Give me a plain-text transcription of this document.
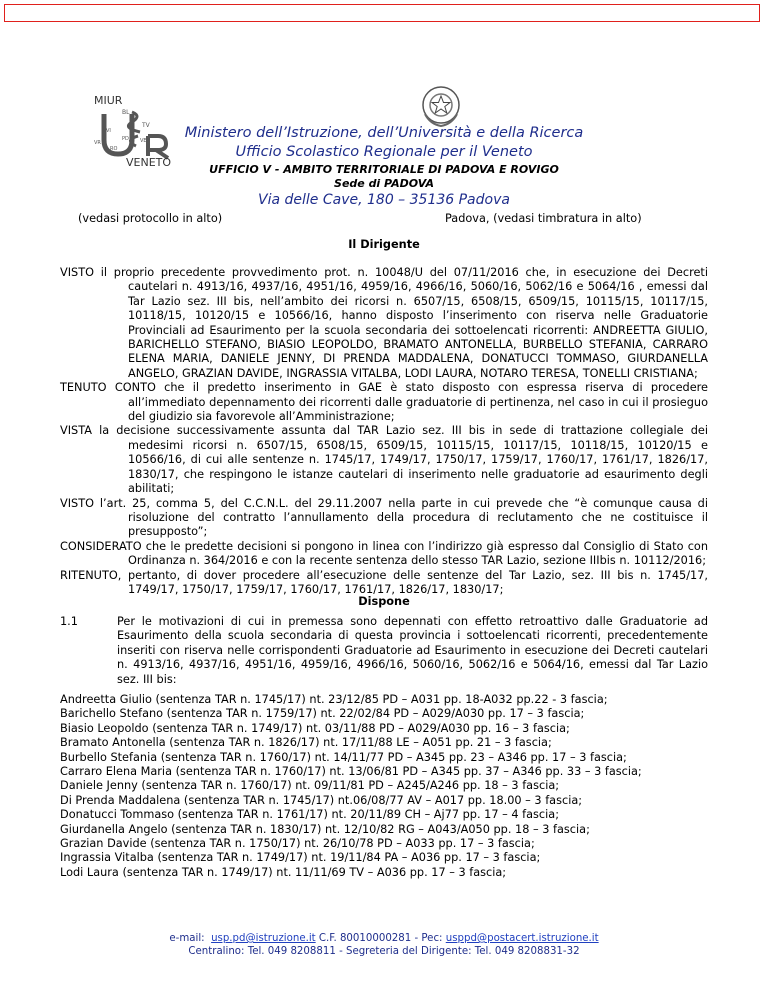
MIUR
BL
TV
VI
PD VE
VR
RO
VENETO
Ministero dell’Istruzione, dell’Università e della Ricerca
Ufficio Scolastico Regionale per il Veneto
UFFICIO V - AMBITO TERRITORIALE DI PADOVA E ROVIGO
Sede di PADOVA
Via delle Cave, 180 – 35136 Padova
(vedasi protocollo in alto)	Padova, (vedasi timbratura in alto)
Il Dirigente
VISTO il proprio precedente provvedimento prot. n. 10048/U del 07/11/2016 che, in esecuzione dei Decreti cautelari n. 4913/16, 4937/16, 4951/16, 4959/16, 4966/16, 5060/16, 5062/16 e 5064/16 , emessi dal Tar Lazio sez. III bis, nell’ambito dei ricorsi n. 6507/15, 6508/15, 6509/15, 10115/15, 10117/15, 10118/15, 10120/15 e 10566/16, hanno disposto l’inserimento con riserva nelle Graduatorie Provinciali ad Esaurimento per la scuola secondaria dei sottoelencati ricorrenti: ANDREETTA GIULIO, BARICHELLO STEFANO, BIASIO LEOPOLDO, BRAMATO ANTONELLA, BURBELLO STEFANIA, CARRARO ELENA MARIA, DANIELE JENNY, DI PRENDA MADDALENA, DONATUCCI TOMMASO, GIURDANELLA ANGELO, GRAZIAN DAVIDE, INGRASSIA VITALBA, LODI LAURA, NOTARO TERESA, TONELLI CRISTIANA;
TENUTO CONTO che il predetto inserimento in GAE è stato disposto con espressa riserva di procedere all’immediato depennamento dei ricorrenti dalle graduatorie di pertinenza, nel caso in cui il prosieguo del giudizio sia favorevole all’Amministrazione;
VISTA la decisione successivamente assunta dal TAR Lazio sez. III bis in sede di trattazione collegiale dei medesimi ricorsi n. 6507/15, 6508/15, 6509/15, 10115/15, 10117/15, 10118/15, 10120/15 e 10566/16, di cui alle sentenze n. 1745/17, 1749/17, 1750/17, 1759/17, 1760/17, 1761/17, 1826/17, 1830/17, che respingono le istanze cautelari di inserimento nelle graduatorie ad esaurimento degli abilitati;
VISTO l’art. 25, comma 5, del C.C.N.L. del 29.11.2007 nella parte in cui prevede che “è comunque causa di risoluzione del contratto l’annullamento della procedura di reclutamento che ne costituisce il presupposto”;
CONSIDERATO che le predette decisioni si pongono in linea con l’indirizzo già espresso dal Consiglio di Stato con Ordinanza n. 364/2016 e con la recente sentenza dello stesso TAR Lazio, sezione IIIbis n. 10112/2016;
RITENUTO, pertanto, di dover procedere all’esecuzione delle sentenze del Tar Lazio, sez. III bis n. 1745/17, 1749/17, 1750/17, 1759/17, 1760/17, 1761/17, 1826/17, 1830/17;
Dispone
1.1	Per le motivazioni di cui in premessa sono depennati con effetto retroattivo dalle Graduatorie ad Esaurimento della scuola secondaria di questa provincia i sottoelencati ricorrenti, precedentemente inseriti con riserva nelle corrispondenti Graduatorie ad Esaurimento in esecuzione dei Decreti cautelari n. 4913/16, 4937/16, 4951/16, 4959/16, 4966/16, 5060/16, 5062/16 e 5064/16, emessi dal Tar Lazio sez. III bis:
Andreetta Giulio (sentenza TAR n. 1745/17) nt. 23/12/85 PD – A031 pp. 18-A032 pp.22 - 3 fascia;
Barichello Stefano (sentenza TAR n. 1759/17) nt. 22/02/84 PD – A029/A030 pp. 17 – 3 fascia;
Biasio Leopoldo (sentenza TAR n. 1749/17) nt. 03/11/88 PD – A029/A030 pp. 16 – 3 fascia;
Bramato Antonella (sentenza TAR n. 1826/17) nt. 17/11/88 LE – A051 pp. 21 – 3 fascia;
Burbello Stefania (sentenza TAR n. 1760/17) nt. 14/11/77 PD – A345 pp. 23 – A346 pp. 17 – 3 fascia;
Carraro Elena Maria (sentenza TAR n. 1760/17) nt. 13/06/81 PD – A345 pp. 37 – A346 pp. 33 – 3 fascia;
Daniele Jenny (sentenza TAR n. 1760/17) nt. 09/11/81 PD – A245/A246 pp. 18 – 3 fascia;
Di Prenda Maddalena (sentenza TAR n. 1745/17) nt.06/08/77 AV – A017 pp. 18.00 – 3 fascia;
Donatucci Tommaso (sentenza TAR n. 1761/17) nt. 20/11/89 CH – Aj77 pp. 17 – 4 fascia;
Giurdanella Angelo (sentenza TAR n. 1830/17) nt. 12/10/82 RG – A043/A050 pp. 18 – 3 fascia;
Grazian Davide (sentenza TAR n. 1750/17) nt. 26/10/78 PD – A033 pp. 17 – 3 fascia;
Ingrassia Vitalba (sentenza TAR n. 1749/17) nt. 19/11/84 PA – A036 pp. 17 – 3 fascia;
Lodi Laura (sentenza TAR n. 1749/17) nt. 11/11/69 TV – A036 pp. 17 – 3 fascia;
e-mail: usp.pd@istruzione.it C.F. 80010000281 - Pec: usppd@postacert.istruzione.it
Centralino: Tel. 049 8208811 - Segreteria del Dirigente: Tel. 049 8208831-32
